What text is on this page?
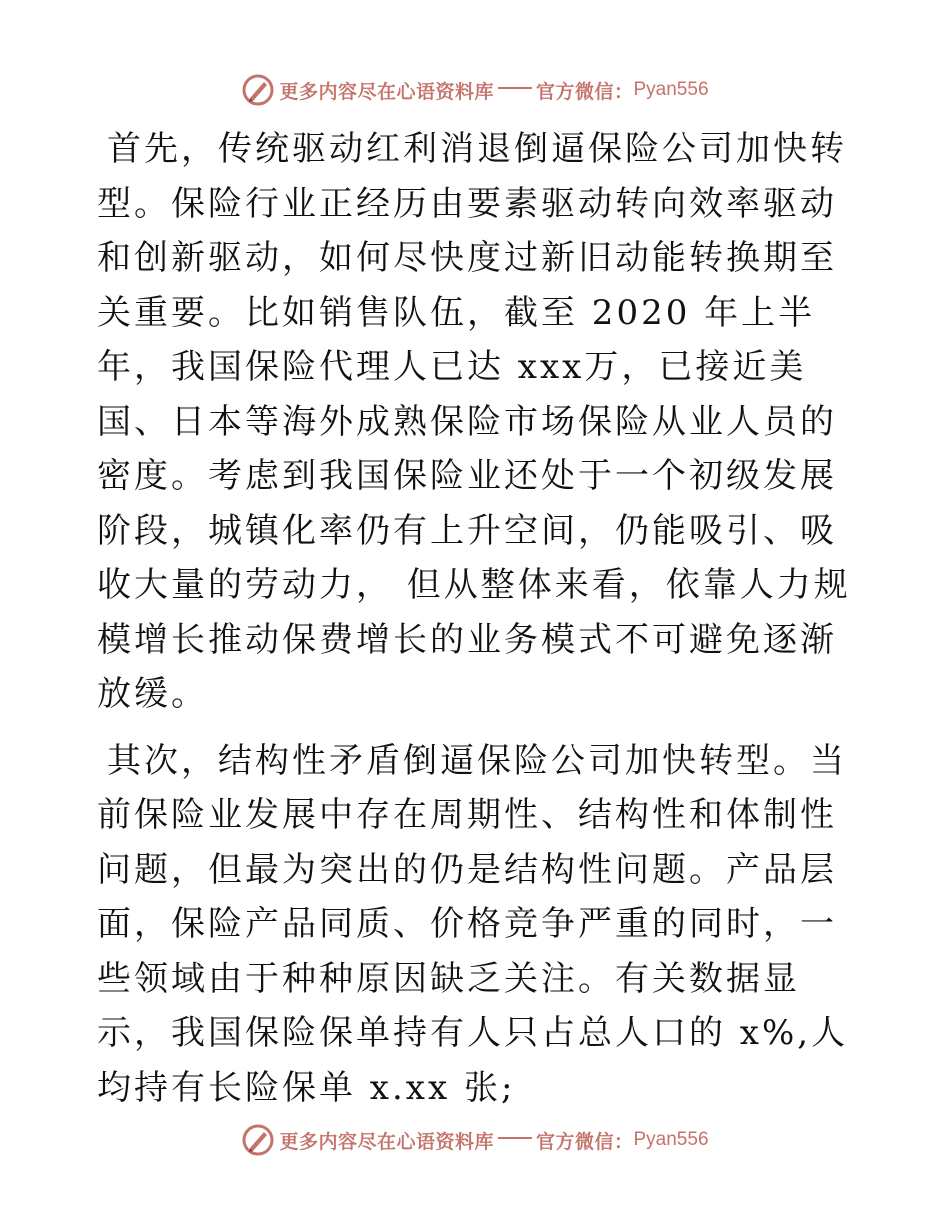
更多内容尽在心语资料库 官方微信： Pyan556

首先，传统驱动红利消退倒逼保险公司加快转型。保险行业正经历由要素驱动转向效率驱动和创新驱动，如何尽快度过新旧动能转换期至关重要。比如销售队伍，截至 2020 年上半年，我国保险代理人已达 xxx万，已接近美国、日本等海外成熟保险市场保险从业人员的密度。考虑到我国保险业还处于一个初级发展阶段，城镇化率仍有上升空间，仍能吸引、吸收大量的劳动力， 但从整体来看，依靠人力规模增长推动保费增长的业务模式不可避免逐渐放缓。

其次，结构性矛盾倒逼保险公司加快转型。当前保险业发展中存在周期性、结构性和体制性问题，但最为突出的仍是结构性问题。产品层面，保险产品同质、价格竞争严重的同时，一些领域由于种种原因缺乏关注。有关数据显示，我国保险保单持有人只占总人口的 x%,人均持有长险保单 x.xx 张;

更多内容尽在心语资料库 官方微信： Pyan556
